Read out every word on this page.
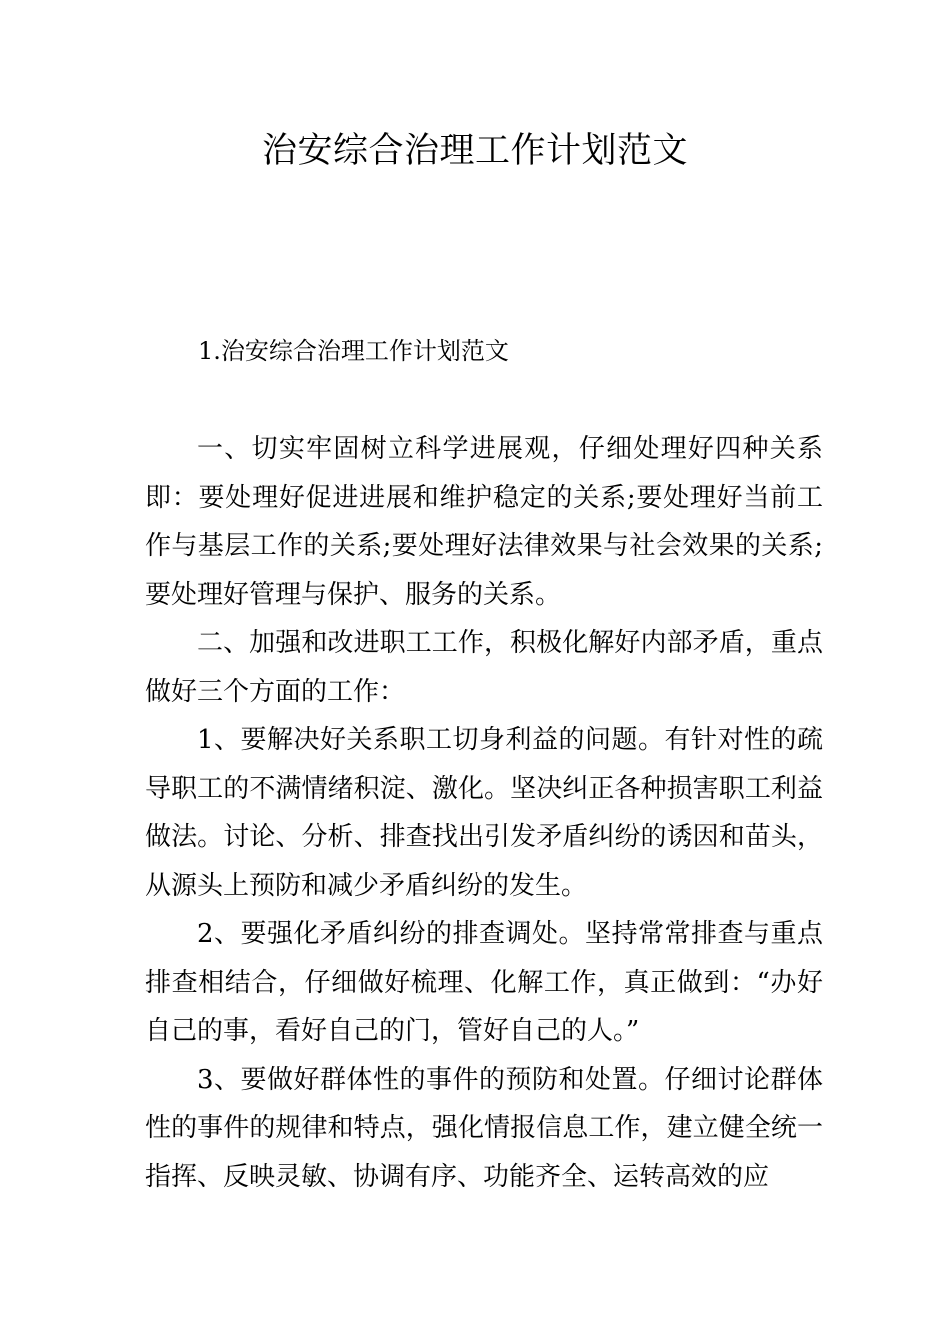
治安综合治理工作计划范文

1.治安综合治理工作计划范文

一、切实牢固树立科学进展观，仔细处理好四种关系即：要处理好促进进展和维护稳定的关系;要处理好当前工作与基层工作的关系;要处理好法律效果与社会效果的关系;要处理好管理与保护、服务的关系。

二、加强和改进职工工作，积极化解好内部矛盾，重点做好三个方面的工作：

1、要解决好关系职工切身利益的问题。有针对性的疏导职工的不满情绪积淀、激化。坚决纠正各种损害职工利益做法。讨论、分析、排查找出引发矛盾纠纷的诱因和苗头，从源头上预防和减少矛盾纠纷的发生。

2、要强化矛盾纠纷的排查调处。坚持常常排查与重点排查相结合，仔细做好梳理、化解工作，真正做到：“办好自己的事，看好自己的门，管好自己的人。”

3、要做好群体性的事件的预防和处置。仔细讨论群体性的事件的规律和特点，强化情报信息工作，建立健全统一指挥、反映灵敏、协调有序、功能齐全、运转高效的应
